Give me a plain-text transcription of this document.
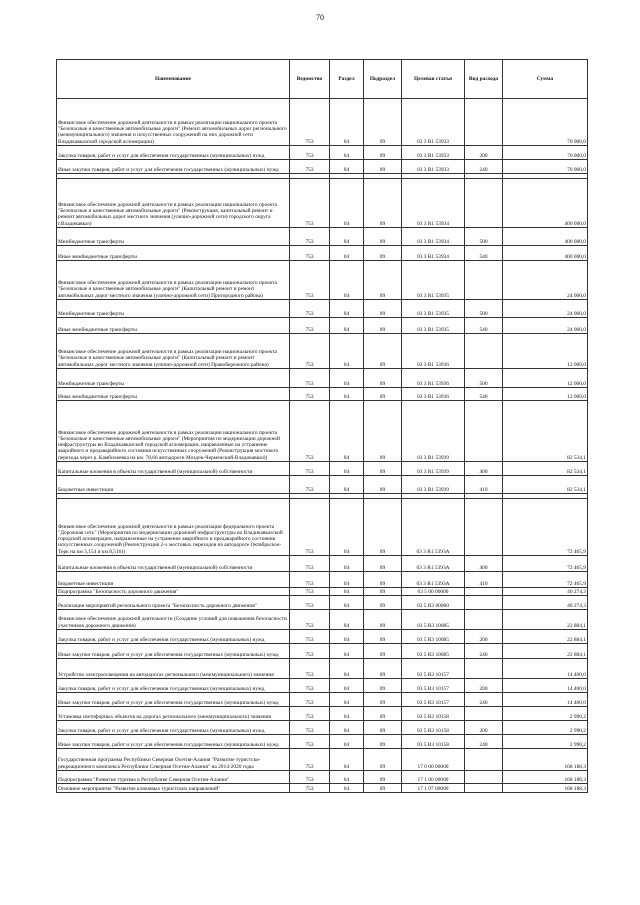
70
Наименование	Ведомство	Раздел	Подраздел	Целевая статья	Вид расхода	Сумма
Финансовое обеспечение дорожной деятельности в рамках реализации национального проекта "Безопасные и качественные автомобильные дороги" (Ремонт автомобильных дорог регионального (межмуниципального) значения и искусственных сооружений на них дорожной сети Владикавказской городской агломерации)	753	04	09	03 3 R1 53933		70 000,0
Закупка товаров, работ и услуг для обеспечения государственных (муниципальных) нужд	753	04	09	03 3 R1 53933	200	70 000,0
Иные закупки товаров, работ и услуг для обеспечения государственных (муниципальных) нужд	753	04	09	03 3 R1 53933	240	70 000,0

Финансовое обеспечение дорожной деятельности в рамках реализации национального проекта "Безопасные и качественные автомобильные дороги" (Реконструкция, капитальный ремонт и ремонт автомобильных дорог местного значения (улично-дорожной сети) городского округа г.Владикавказ)	753	04	09	03 3 R1 53934		400 000,0
Межбюджетные трансферты	753	04	09	03 3 R1 53934	500	400 000,0
Иные межбюджетные трансферты	753	04	09	03 3 R1 53934	540	400 000,0
Финансовое обеспечение дорожной деятельности в рамках реализации национального проекта "Безопасные и качественные автомобильные дороги" (Капитальный ремонт и ремонт автомобильных дорог местного значения (улично-дорожной сети) Пригородного района)	753	04	09	03 3 R1 53935		24 000,0
Межбюджетные трансферты	753	04	09	03 3 R1 53935	500	24 000,0
Иные межбюджетные трансферты	753	04	09	03 3 R1 53935	540	24 000,0
Финансовое обеспечение дорожной деятельности в рамках реализации национального проекта "Безопасные и качественные автомобильные дороги" (Капитальный ремонт и ремонт автомобильных дорог местного значения (улично-дорожной сети) Правобережного района)	753	04	09	03 3 R1 53936		12 000,0
Межбюджетные трансферты	753	04	09	03 3 R1 53936	500	12 000,0
Иные межбюджетные трансферты	753	04	09	03 3 R1 53936	540	12 000,0
Финансовое обеспечение дорожной деятельности в рамках реализации национального проекта "Безопасные и качественные автомобильные дороги" (Мероприятия по модернизации дорожной инфраструктуры во Владикавказской городской агломерации, направленные на устранение аварийного и предаварийного состояния искусственных сооружений (Реконструкция мостового перехода через р. Камбилеевка на км. 78,66 автодороги Моздок-Черменский-Владикавказ))	753	04	09	03 3 R1 53939		82 534,1
Капитальные вложения в объекты государственной (муниципальной) собственности	753	04	09	03 3 R1 53939	400	82 534,1
Бюджетные инвестиции	753	04	09	03 3 R1 53939	410	82 534,1

Финансовое обеспечение дорожной деятельности в рамках реализации федерального проекта "Дорожная сеть" (Мероприятия по модернизации дорожной инфраструктуры во Владикавказской городской агломерации, направленные на устранение аварийного и предаварийного состояния искусственных сооружений (Реконструкция 2-х мостовых переходов на автодороге Октябрьское-Терк на км 3,154 и км 8,516))	753	04	09	03 3 R1 5393А		72 465,9
Капитальные вложения в объекты государственной (муниципальной) собственности	753	04	09	03 3 R1 5393А	400	72 465,9
Бюджетные инвестиции	753	04	09	03 3 R1 5393А	410	72 465,9
Подпрограмма "Безопасность дорожного движения"	753	04	09	03 5 00 00000		40 274,3
Реализация мероприятий регионального проекта "Безопасность дорожного движения"	753	04	09	03 5 R3 00000		40 274,3
Финансовое обеспечение дорожной деятельности (Создание условий для повышения безопасности участников дорожного движения)	753	04	09	03 5 R3 10085		22 884,1
Закупка товаров, работ и услуг для обеспечения государственных (муниципальных) нужд	753	04	09	03 5 R3 10085	200	22 884,1
Иные закупки товаров, работ и услуг для обеспечения государственных (муниципальных) нужд	753	04	09	03 5 R3 10085	240	22 884,1
Устройство электроосвещения на автодорогах регионального (межмуниципального) значения	753	04	09	03 5 R3 10157		14 400,0
Закупка товаров, работ и услуг для обеспечения государственных (муниципальных) нужд	753	04	09	03 5 R3 10157	200	14 400,0
Иные закупки товаров, работ и услуг для обеспечения государственных (муниципальных) нужд	753	04	09	03 5 R3 10157	240	14 400,0
Установка светофорных объектов на дорогах регионального (межмуниципального) значения	753	04	09	03 5 R3 10158		2 990,2
Закупка товаров, работ и услуг для обеспечения государственных (муниципальных) нужд	753	04	09	03 5 R3 10158	200	2 990,2
Иные закупки товаров, работ и услуг для обеспечения государственных (муниципальных) нужд	753	04	09	03 5 R3 10158	240	2 990,2
Государственная программа Республики Северная Осетия-Алания "Развитие туристско-рекреационного комплекса Республики Северная Осетия-Алания" на 2014-2020 годы	753	04	09	17 0 00 00000		168 188,3
Подпрограмма "Развитие туризма в Республике Северная Осетия-Алания"	753	04	09	17 1 00 00000		168 188,3
Основное мероприятие "Развитие ключевых туристских направлений"	753	04	09	17 1 07 00000		168 188,3
